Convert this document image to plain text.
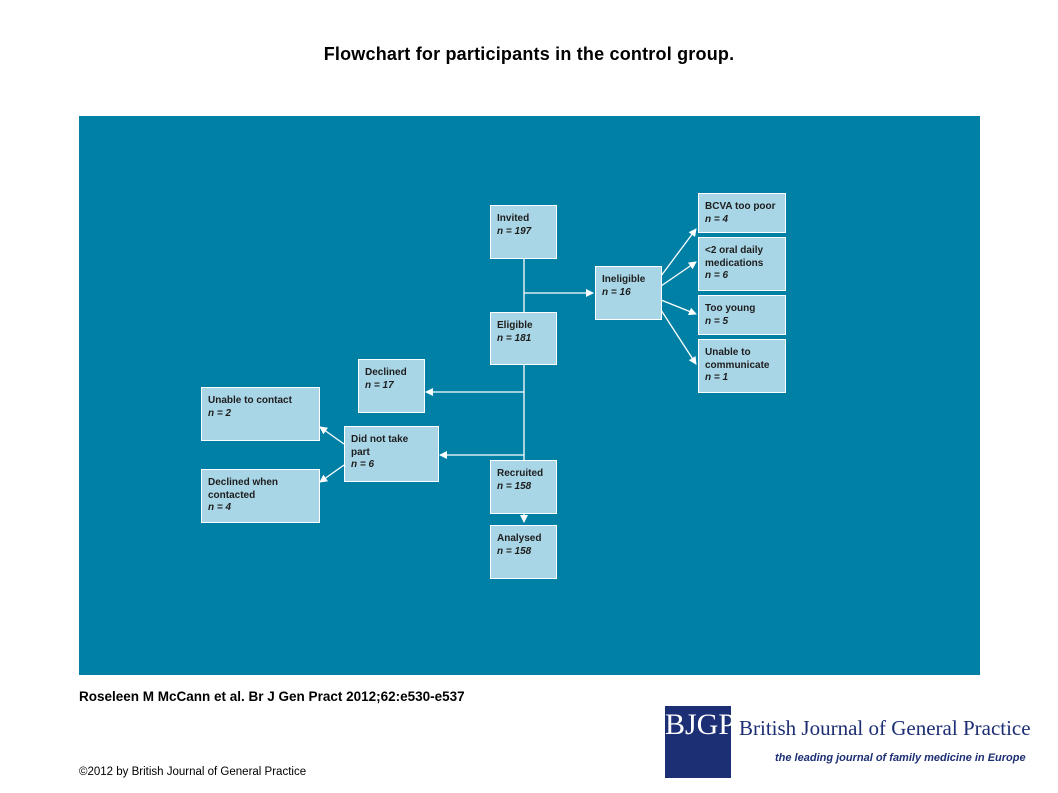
Flowchart for participants in the control group.
Invited
n = 197
Eligible
n = 181
Recruited
n = 158
Analysed
n = 158
Ineligible
n = 16
BCVA too poor
n = 4
<2 oral daily
medications
n = 6
Too young
n = 5
Unable to
communicate
n = 1
Declined
n = 17
Did not take
part
n = 6
Unable to contact
n = 2
Declined when
contacted
n = 4
Roseleen M McCann et al. Br J Gen Pract 2012;62:e530-e537
©2012 by British Journal of General Practice
BJGP British Journal of General Practice
the leading journal of family medicine in Europe
